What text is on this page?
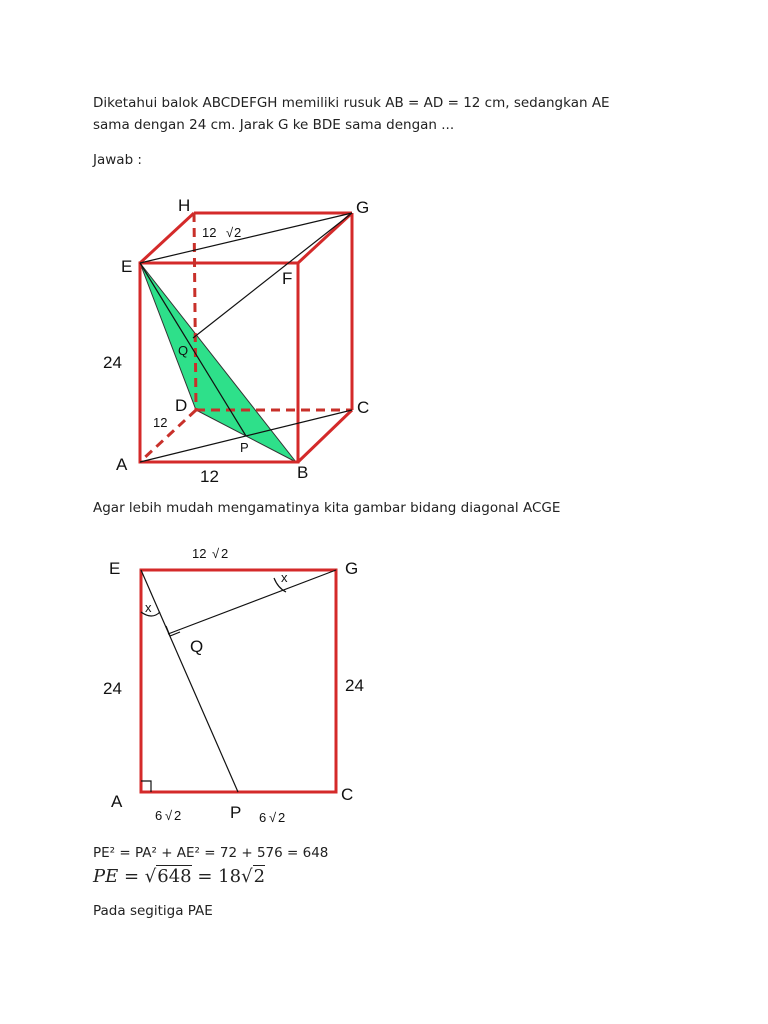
Diketahui balok ABCDEFGH memiliki rusuk AB = AD = 12 cm, sedangkan AE
sama dengan 24 cm. Jarak G ke BDE sama dengan ...
Jawab :
H	G
E
F
Q
D	C
P
A	B
24
12
12
12 √ 2
E	G
Q
24	24
A
P
C
x
x
12 √ 2
6 √ 2	6 √ 2
Agar lebih mudah mengamatinya kita gambar bidang diagonal ACGE
PE² = PA² + AE² = 72 + 576 = 648
PE = √648 = 18√2
Pada segitiga PAE
